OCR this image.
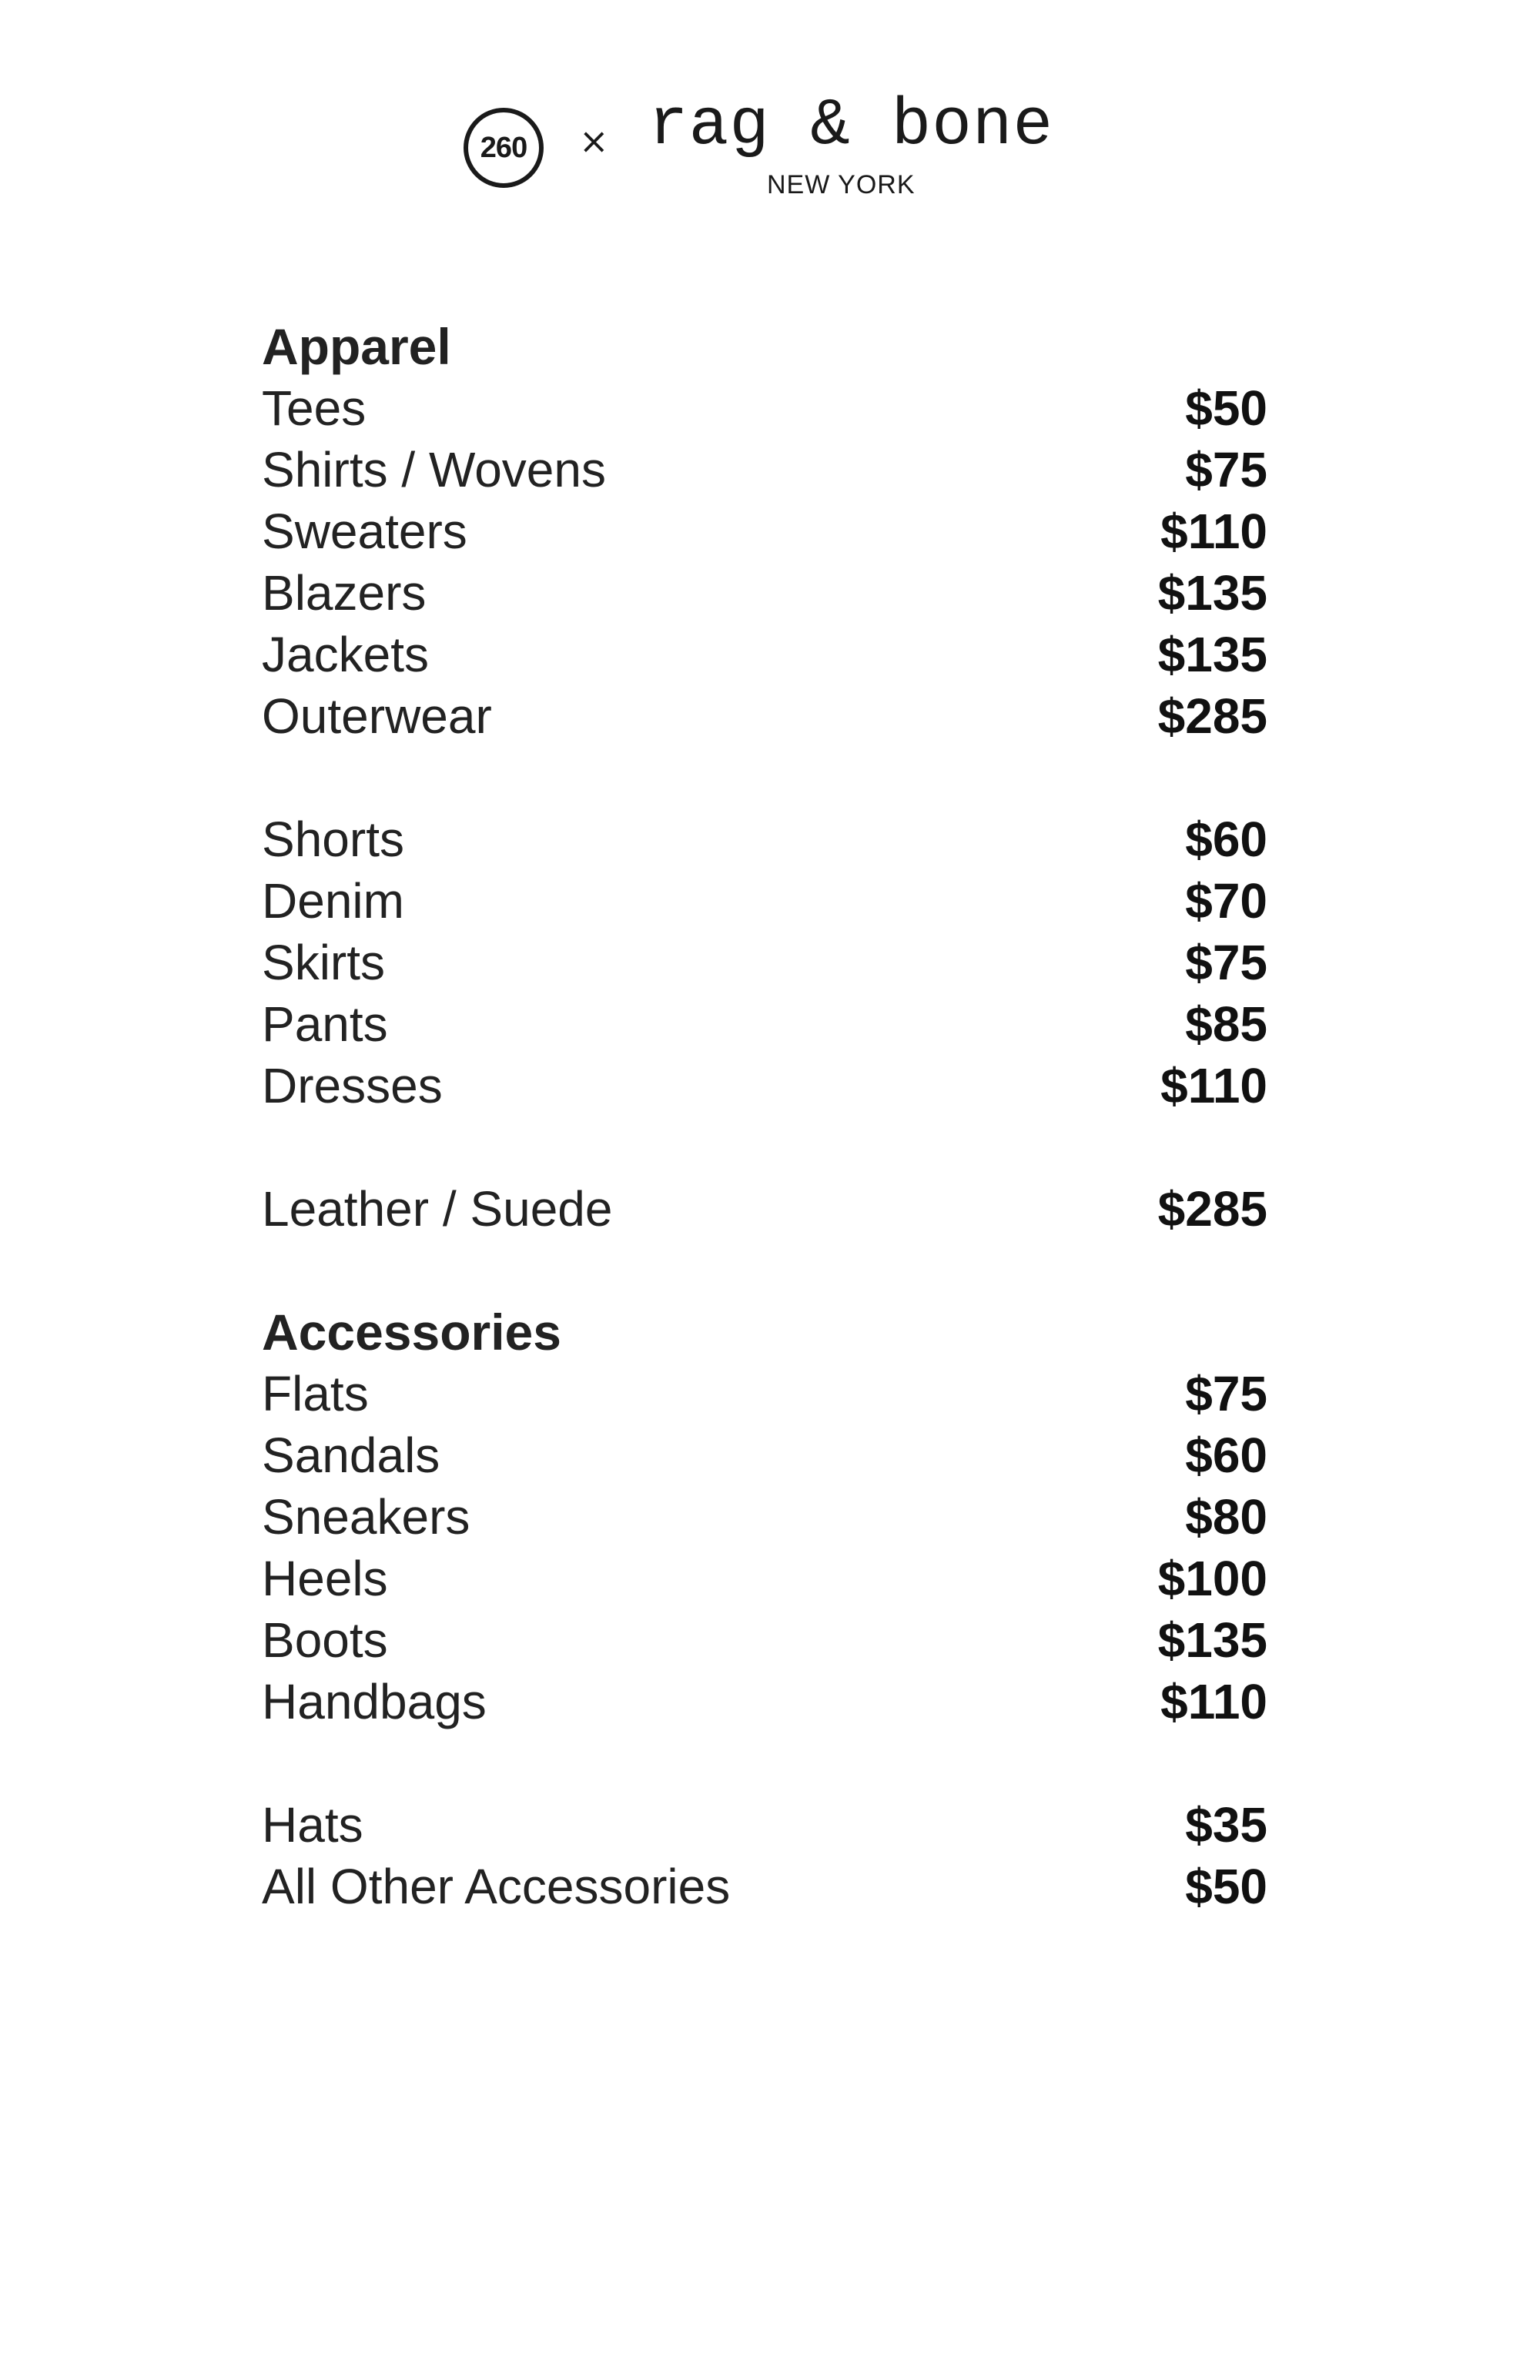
260 × rag & bone
NEW YORK
Apparel
Tees	$50
Shirts / Wovens	$75
Sweaters	$110
Blazers	$135
Jackets	$135
Outerwear	$285
Shorts	$60
Denim	$70
Skirts	$75
Pants	$85
Dresses	$110
Leather / Suede	$285
Accessories
Flats	$75
Sandals	$60
Sneakers	$80
Heels	$100
Boots	$135
Handbags	$110
Hats	$35
All Other Accessories	$50
